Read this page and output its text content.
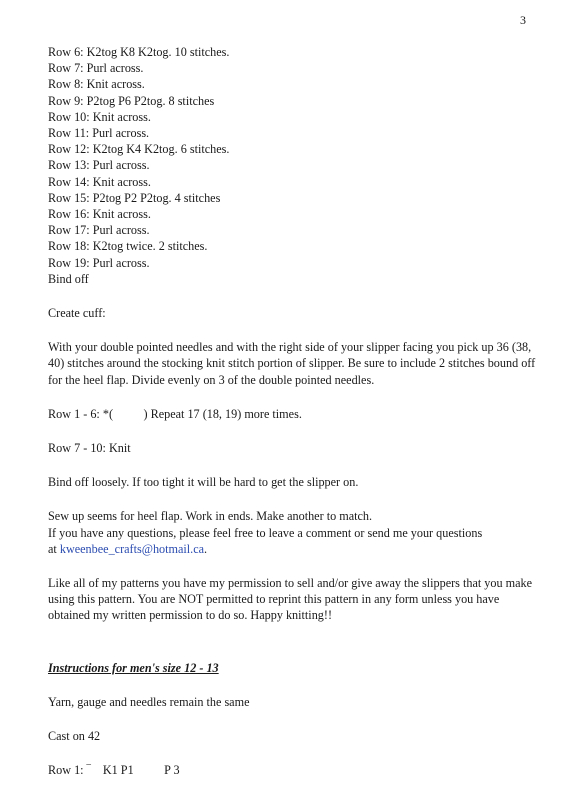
3
Row 6: K2tog K8 K2tog. 10 stitches.
Row 7: Purl across.
Row 8: Knit across.
Row 9: P2tog P6 P2tog. 8 stitches
Row 10: Knit across.
Row 11: Purl across.
Row 12: K2tog K4 K2tog. 6 stitches.
Row 13: Purl across.
Row 14: Knit across.
Row 15: P2tog P2 P2tog. 4 stitches
Row 16: Knit across.
Row 17: Purl across.
Row 18: K2tog twice. 2 stitches.
Row 19: Purl across.
Bind off

Create cuff:

With your double pointed needles and with the right side of your slipper facing you pick up 36 (38, 40) stitches around the stocking knit stitch portion of slipper. Be sure to include 2 stitches bound off for the heel flap. Divide evenly on 3 of the double pointed needles.

Row 1 - 6: *(          ) Repeat 17 (18, 19) more times.

Row 7 - 10: Knit

Bind off loosely. If too tight it will be hard to get the slipper on.

Sew up seems for heel flap. Work in ends. Make another to match.
If you have any questions, please feel free to leave a comment or send me your questions
at kweenbee_crafts@hotmail.ca.

Like all of my patterns you have my permission to sell and/or give away the slippers that you make using this pattern. You are NOT permitted to reprint this pattern in any form unless you have obtained my written permission to do so. Happy knitting!!

Instructions for men's size 12 - 13

Yarn, gauge and needles remain the same

Cast on 42

Row 1: ‾    K1 P1          P 3
